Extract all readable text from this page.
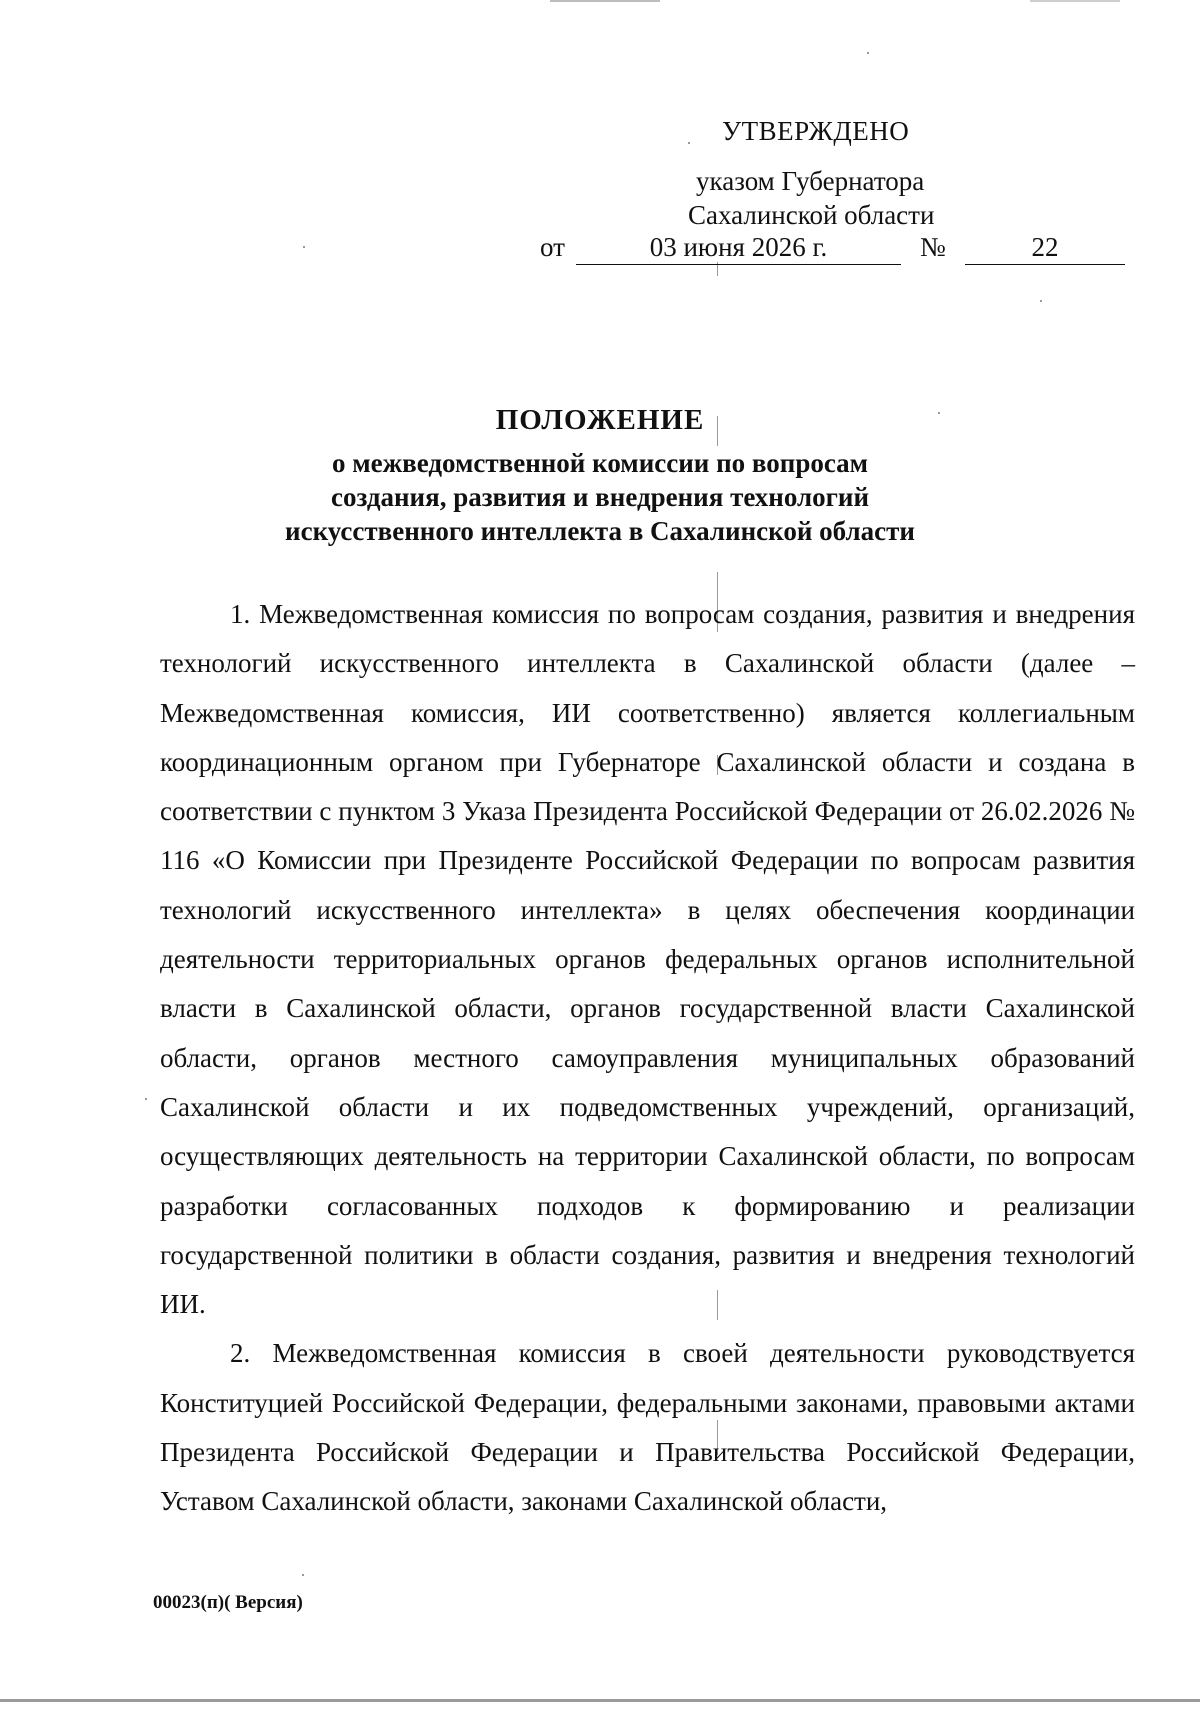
УТВЕРЖДЕНО
указом Губернатора
Сахалинской области
от	03 июня 2026 г.	№	22
ПОЛОЖЕНИЕ
о межведомственной комиссии по вопросам
создания, развития и внедрения технологий
искусственного интеллекта в Сахалинской области

1. Межведомственная комиссия по вопросам создания, развития и внедрения технологий искусственного интеллекта в Сахалинской области (далее – Межведомственная комиссия, ИИ соответственно) является коллегиальным координационным органом при Губернаторе Сахалинской области и создана в соответствии с пунктом 3 Указа Президента Российской Федерации от 26.02.2026 № 116 «О Комиссии при Президенте Российской Федерации по вопросам развития технологий искусственного интеллекта» в целях обеспечения координации деятельности территориальных органов федеральных органов исполнительной власти в Сахалинской области, органов государственной власти Сахалинской области, органов местного самоуправления муниципальных образований Сахалинской области и их подведомственных учреждений, организаций, осуществляющих деятельность на территории Сахалинской области, по вопросам разработки согласованных подходов к формированию и реализации государственной политики в области создания, развития и внедрения технологий ИИ.

2. Межведомственная комиссия в своей деятельности руководствуется Конституцией Российской Федерации, федеральными законами, правовыми актами Президента Российской Федерации и Правительства Российской Федерации, Уставом Сахалинской области, законами Сахалинской области,

00023(п)( Версия)
